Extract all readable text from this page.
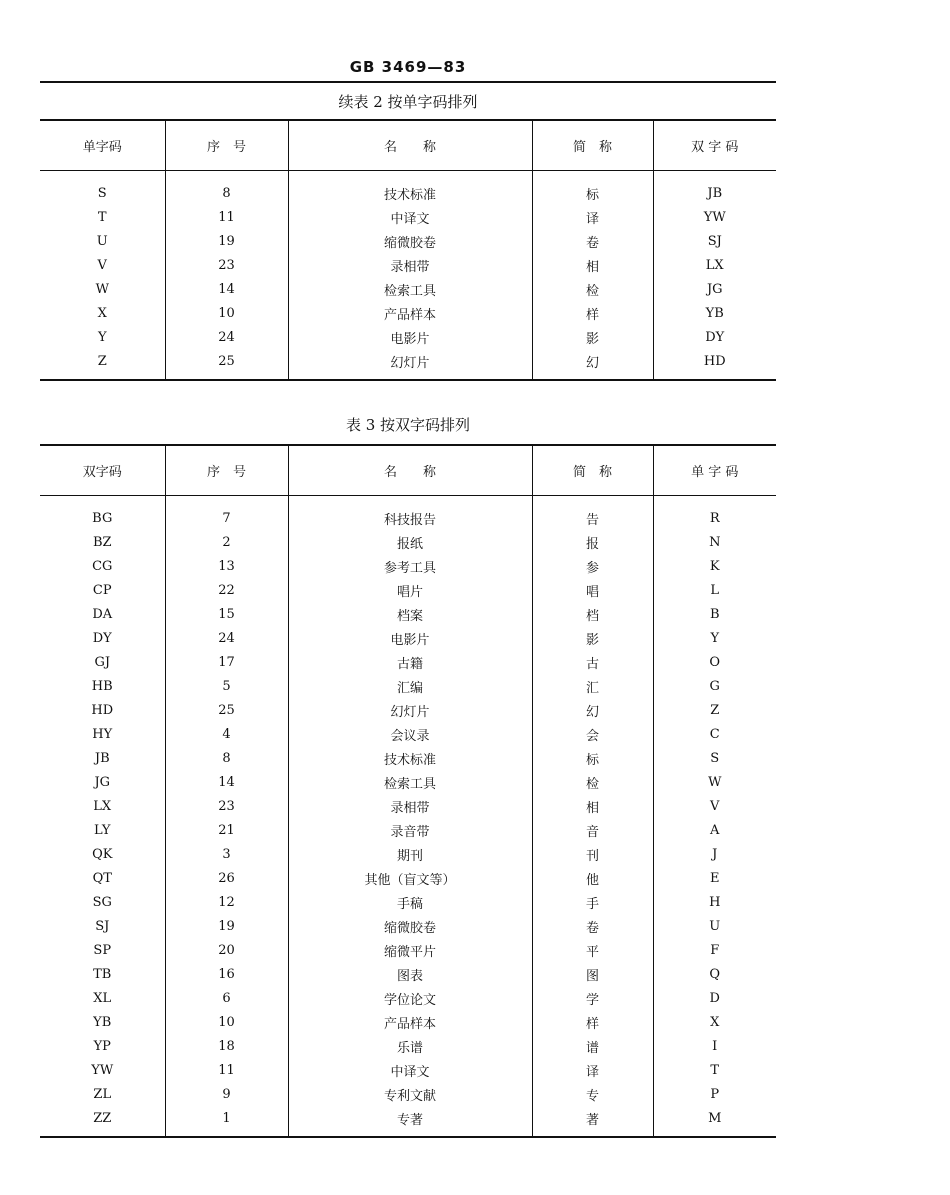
GB 3469—83
续表 2 按单字码排列
单字码	序　号	名　　称	简　称	双 字 码
S	8	技术标准	标	JB
T	11	中译文	译	YW
U	19	缩微胶卷	卷	SJ
V	23	录相带	相	LX
W	14	检索工具	检	JG
X	10	产品样本	样	YB
Y	24	电影片	影	DY
Z	25	幻灯片	幻	HD
表 3 按双字码排列
双字码	序　号	名　　称	简　称	单 字 码
BG	7	科技报告	告	R
BZ	2	报纸	报	N
CG	13	参考工具	参	K
CP	22	唱片	唱	L
DA	15	档案	档	B
DY	24	电影片	影	Y
GJ	17	古籍	古	O
HB	5	汇编	汇	G
HD	25	幻灯片	幻	Z
HY	4	会议录	会	C
JB	8	技术标准	标	S
JG	14	检索工具	检	W
LX	23	录相带	相	V
LY	21	录音带	音	A
QK	3	期刊	刊	J
QT	26	其他（盲文等）	他	E
SG	12	手稿	手	H
SJ	19	缩微胶卷	卷	U
SP	20	缩微平片	平	F
TB	16	图表	图	Q
XL	6	学位论文	学	D
YB	10	产品样本	样	X
YP	18	乐谱	谱	I
YW	11	中译文	译	T
ZL	9	专利文献	专	P
ZZ	1	专著	著	M
